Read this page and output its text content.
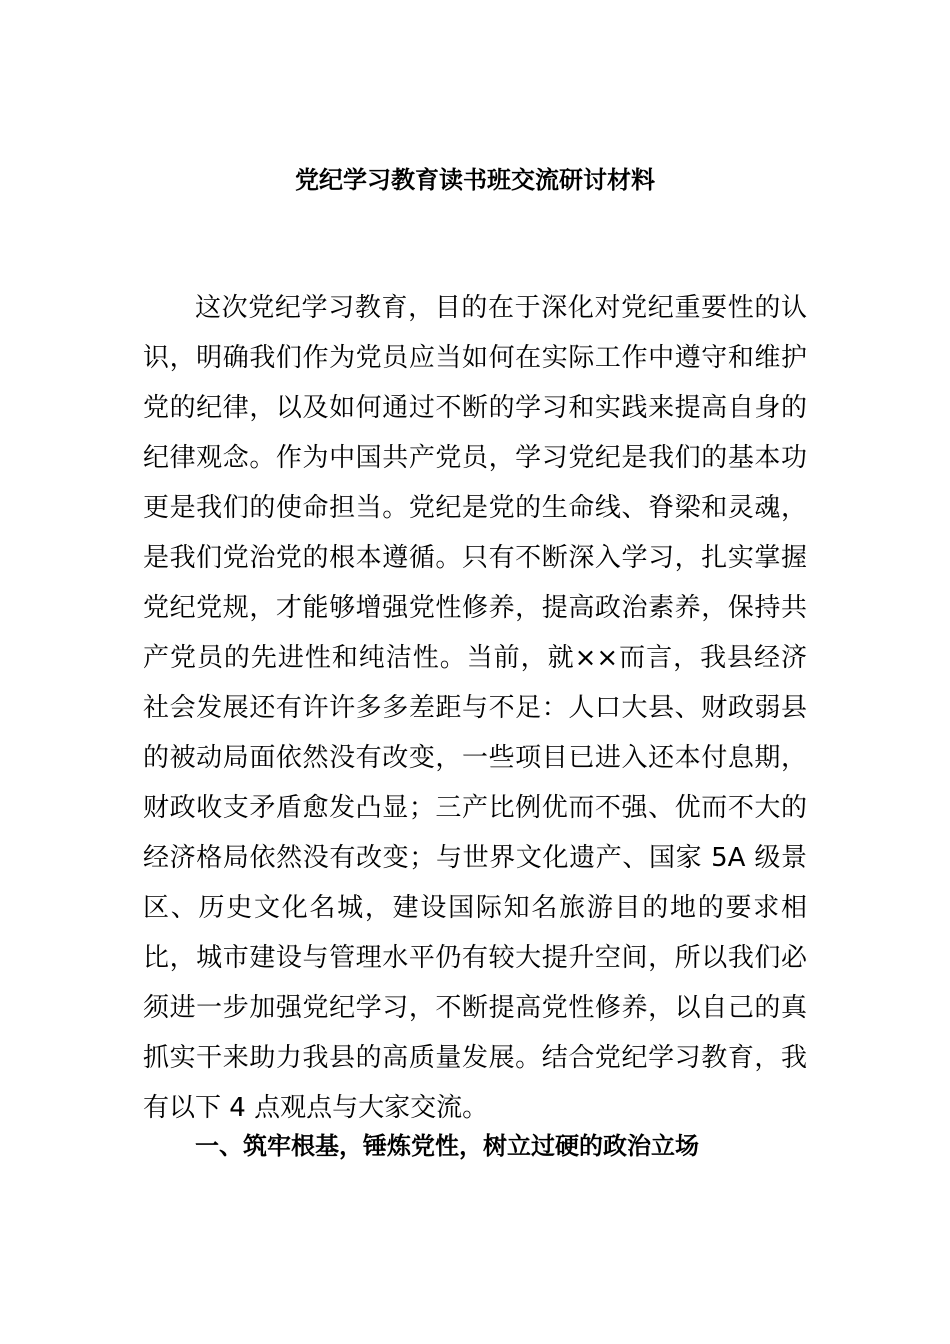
党纪学习教育读书班交流研讨材料

这次党纪学习教育，目的在于深化对党纪重要性的认识，明确我们作为党员应当如何在实际工作中遵守和维护党的纪律，以及如何通过不断的学习和实践来提高自身的纪律观念。作为中国共产党员，学习党纪是我们的基本功更是我们的使命担当。党纪是党的生命线、脊梁和灵魂，是我们党治党的根本遵循。只有不断深入学习，扎实掌握党纪党规，才能够增强党性修养，提高政治素养，保持共产党员的先进性和纯洁性。当前，就××而言，我县经济社会发展还有许许多多差距与不足：人口大县、财政弱县的被动局面依然没有改变，一些项目已进入还本付息期，财政收支矛盾愈发凸显；三产比例优而不强、优而不大的经济格局依然没有改变；与世界文化遗产、国家 5A 级景区、历史文化名城，建设国际知名旅游目的地的要求相比，城市建设与管理水平仍有较大提升空间，所以我们必须进一步加强党纪学习，不断提高党性修养，以自己的真抓实干来助力我县的高质量发展。结合党纪学习教育，我有以下 4 点观点与大家交流。

一、筑牢根基，锤炼党性，树立过硬的政治立场
